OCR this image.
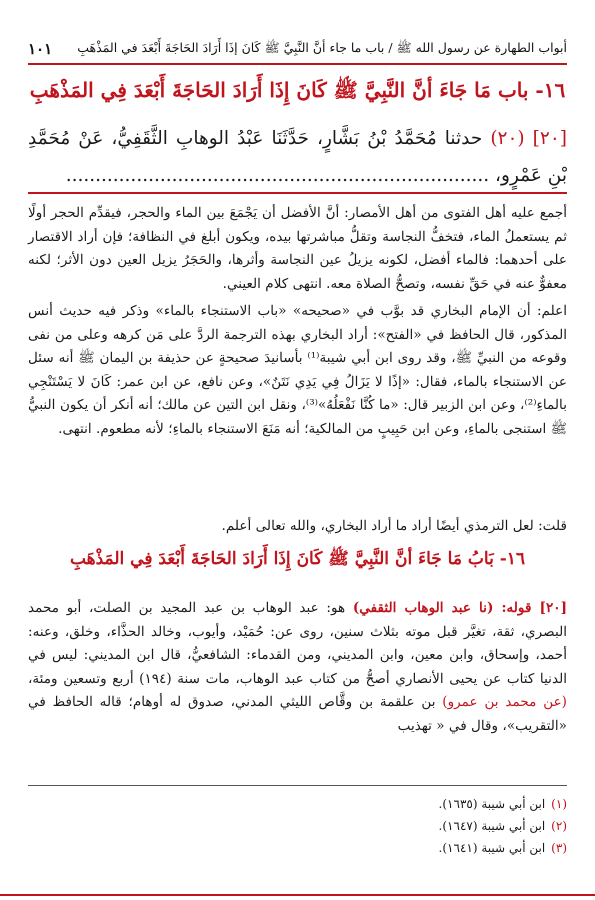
أبواب الطهارة عن رسول الله ﷺ / باب ما جاء أنَّ النَّبِيَّ ﷺ كَانَ إذَا أَرَادَ الحَاجَةَ أَبْعَدَ في المَذْهَبِ
١٠١
١٦- باب مَا جَاءَ أنَّ النَّبِيَّ ﷺ كَانَ إِذَا أَرَادَ الحَاجَةَ أَبْعَدَ فِي المَذْهَبِ
[٢٠] (٢٠) حدثنا مُحَمَّدُ بْنُ بَشَّارٍ، حَدَّثَنَا عَبْدُ الوهابِ الثَّقَفِيُّ، عَنْ مُحَمَّدِ بْنِ عَمْرٍو، ........................................................................
أجمع عليه أهل الفتوى من أهل الأمصار: أنَّ الأفضل أن يَجْمَعَ بين الماء والحجر، فيقدِّم الحجر أولًا ثم يستعملُ الماء، فتخفُّ النجاسة وتقلُّ مباشرتها بيده، ويكون أبلغ في النظافة؛ فإن أراد الاقتصار على أحدهما: فالماء أفضل، لكونه يزيلُ عين النجاسة وأثرها، والحَجَرُ يزيل العين دون الأثر؛ لكنه معفوٌّ عنه في حَقِّ نفسه، وتصحُّ الصلاة معه. انتهى كلام العيني.
اعلم: أن الإمام البخاري قد بوَّب في «صحيحه» «باب الاستنجاء بالماء» وذكر فيه حديث أنس المذكور، قال الحافظ في «الفتح»: أراد البخاري بهذه الترجمة الردَّ على مَن كرهه وعلى من نفى وقوعه من النبيِّ ﷺ، وقد روى ابن أبي شيبة⁽¹⁾ بأسانيدَ صحيحةٍ عن حذيفة بن اليمان ﷺ أنه سئل عن الاستنجاء بالماء، فقال: «إذًا لا يَزَالُ فِي يَدِي نَتَنٌ»، وعن نافع، عن ابن عمر: كَانَ لا يَسْتَنْجِي بالماءِ⁽²⁾، وعن ابن الزبير قال: «ما كُنَّا نَفْعَلُهُ»⁽³⁾، ونقل ابن التين عن مالك؛ أنه أنكر أن يكون النبيُّ ﷺ استنجى بالماءِ، وعن ابن حَبِيبٍ من المالكية؛ أنه مَنَعَ الاستنجاء بالماءِ؛ لأنه مطعوم. انتهى.
قلت: لعل الترمذي أيضًا أراد ما أراد البخاري، والله تعالى أعلم.
١٦- بَابُ مَا جَاءَ أنَّ النَّبِيَّ ﷺ كَانَ إِذَا أَرَادَ الحَاجَةَ أَبْعَدَ فِي المَذْهَبِ
[٢٠] قوله: (نا عبد الوهاب الثقفي) هو: عبد الوهاب بن عبد المجيد بن الصلت، أبو محمد البصري، ثقة، تغيَّر قبل موته بثلاث سنين، روى عن: حُمَيْد، وأيوب، وخالد الحذَّاء، وخلق، وعنه: أحمد، وإسحاق، وابن معين، وابن المديني، ومن القدماء: الشافعيُّ، قال ابن المديني: ليس في الدنيا كتاب عن يحيى الأنصاري أصحُّ من كتاب عبد الوهاب، مات سنة (١٩٤) أربع وتسعين ومئة، (عن محمد بن عمرو) بن علقمة بن وقَّاص الليثي المدني، صدوق له أوهام؛ قاله الحافظ في «التقريب»، وقال في « تهذيب
(١)
ابن أبي شيبة (١٦٣٥).
(٢)
ابن أبي شيبة (١٦٤٧).
(٣)
ابن أبي شيبة (١٦٤١).
